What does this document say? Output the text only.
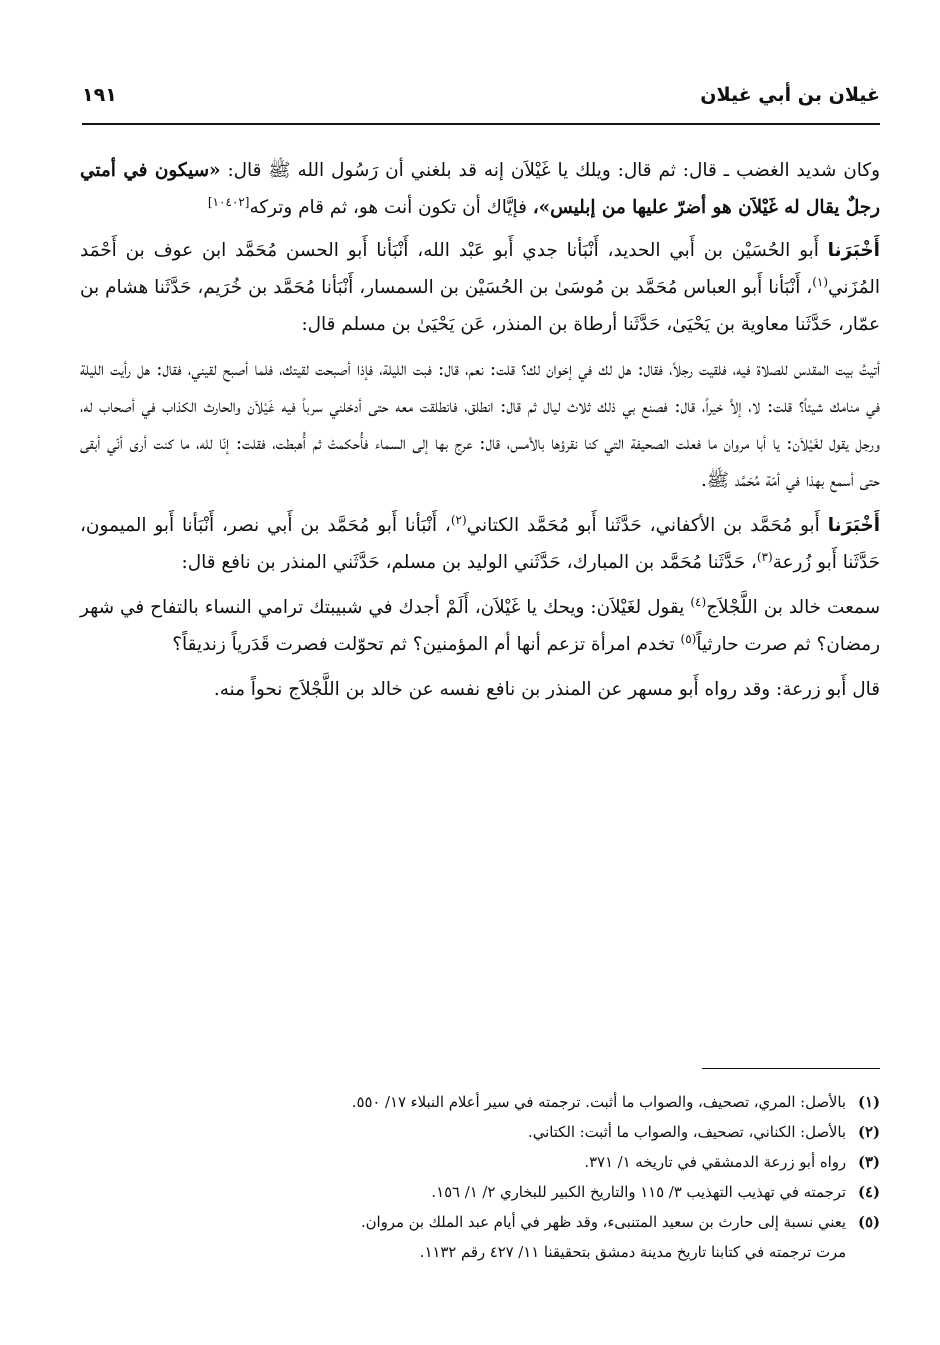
غيلان بن أبي غيلان
١٩١

وكان شديد الغضب ـ قال: ثم قال: ويلك يا غَيْلاَن إنه قد بلغني أن رَسُول الله ﷺ قال: «سيكون في أمتي رجلٌ يقال له غَيْلاَن هو أضرّ عليها من إبليس»، فإيَّاك أن تكون أنت هو، ثم قام وتركه[١٠٤٠٢]

أَخْبَرَنا أَبو الحُسَيْن بن أَبي الحديد، أَنْبَأنا جدي أَبو عَبْد الله، أَنْبَأنا أَبو الحسن مُحَمَّد ابن عوف بن أَحْمَد المُزَني$^{(١)}$، أَنْبَأنا أَبو العباس مُحَمَّد بن مُوسَىٰ بن الحُسَيْن بن السمسار، أَنْبَأنا مُحَمَّد بن خُرَيم، حَدَّثَنا هشام بن عمّار، حَدَّثَنا معاوية بن يَحْيَىٰ، حَدَّثَنا أرطاة بن المنذر، عَن يَحْيَىٰ بن مسلم قال:

أتيتُ بيت المقدس للصلاة فيه، فلقيت رجلاً، فقال: هل لك في إخوان لك؟ قلت: نعم، قال: فبت الليلة، فإذا أصبحت لقيتك، فلما أصبح لقيني، فقال: هل رأيت الليلة في منامك شيئاً؟ قلت: لا، إلاَّ خيراً، قال: فصنع بي ذلك ثلاث ليال ثم قال: انطلق، فانطلقت معه حتى أدخلني سرباً فيه غَيْلاَن والحارث الكذاب في أصحاب له، ورجل يقول لغَيْلاَن: يا أبا مروان ما فعلت الصحيفة التي كنا نقرؤها بالأمس، قال: عرج بها إلى السماء فأُحكمتْ ثم أُهبطت، فقلت: إنّا لله، ما كنت أرى أنّي أبقى حتى أسمع بهذا في أمّة مُحَمَّد ﷺ.

أَخْبَرَنا أَبو مُحَمَّد بن الأكفاني، حَدَّثَنا أَبو مُحَمَّد الكتاني$^{(٢)}$، أَنْبَأنا أَبو مُحَمَّد بن أَبي نصر، أَنْبَأنا أَبو الميمون، حَدَّثَنا أَبو زُرعة$^{(٣)}$، حَدَّثَنا مُحَمَّد بن المبارك، حَدَّثَني الوليد بن مسلم، حَدَّثَني المنذر بن نافع قال:

سمعت خالد بن اللَّجْلاَج$^{(٤)}$ يقول لغَيْلاَن: ويحك يا غَيْلاَن، أَلَمْ أجدك في شبيبتك ترامي النساء بالتفاح في شهر رمضان؟ ثم صرت حارثياً$^{(٥)}$ تخدم امرأة تزعم أنها أم المؤمنين؟ ثم تحوّلت فصرت قَدَرياً زنديقاً؟

قال أَبو زرعة: وقد رواه أَبو مسهر عن المنذر بن نافع نفسه عن خالد بن اللَّجْلاَج نحواً منه.

(١)بالأصل: المري، تصحيف، والصواب ما أثبت. ترجمته في سير أعلام النبلاء ١٧/ ٥٥٠.
(٢)بالأصل: الكناني، تصحيف، والصواب ما أثبت: الكتاني.
(٣)رواه أبو زرعة الدمشقي في تاريخه ١/ ٣٧١.
(٤)ترجمته في تهذيب التهذيب ٣/ ١١٥ والتاريخ الكبير للبخاري ٢/ ١/ ١٥٦.
(٥)يعني نسبة إلى حارث بن سعيد المتنبىء، وقد ظهر في أيام عبد الملك بن مروان.
مرت ترجمته في كتابنا تاريخ مدينة دمشق بتحقيقنا ١١/ ٤٢٧ رقم ١١٣٢.
